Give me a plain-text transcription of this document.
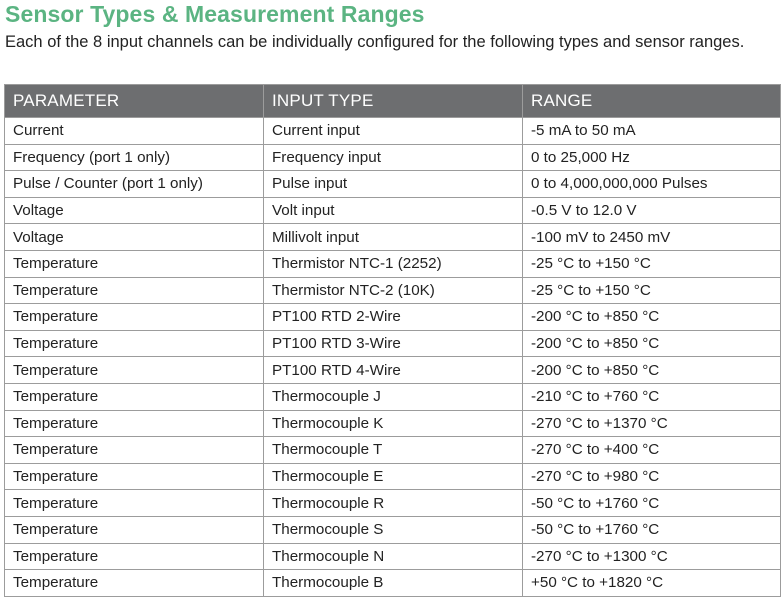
Sensor Types & Measurement Ranges
Each of the 8 input channels can be individually configured for the following types and sensor ranges.
PARAMETER	INPUT TYPE	RANGE
Current	Current input	-5 mA to 50 mA
Frequency (port 1 only)	Frequency input	0 to 25,000 Hz
Pulse / Counter (port 1 only)	Pulse input	0 to 4,000,000,000 Pulses
Voltage	Volt input	-0.5 V to 12.0 V
Voltage	Millivolt input	-100 mV to 2450 mV
Temperature	Thermistor NTC-1 (2252)	-25 °C to +150 °C
Temperature	Thermistor NTC-2 (10K)	-25 °C to +150 °C
Temperature	PT100 RTD 2-Wire	-200 °C to +850 °C
Temperature	PT100 RTD 3-Wire	-200 °C to +850 °C
Temperature	PT100 RTD 4-Wire	-200 °C to +850 °C
Temperature	Thermocouple J	-210 °C to +760 °C
Temperature	Thermocouple K	-270 °C to +1370 °C
Temperature	Thermocouple T	-270 °C to +400 °C
Temperature	Thermocouple E	-270 °C to +980 °C
Temperature	Thermocouple R	-50 °C to +1760 °C
Temperature	Thermocouple S	-50 °C to +1760 °C
Temperature	Thermocouple N	-270 °C to +1300 °C
Temperature	Thermocouple B	+50 °C to +1820 °C
